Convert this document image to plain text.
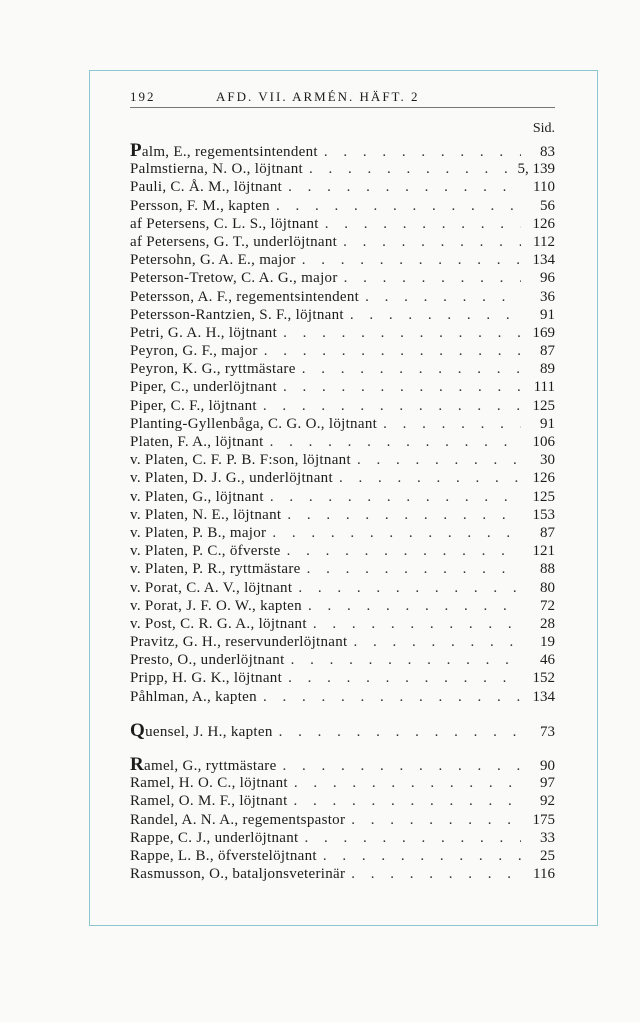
192	AFD. VII. ARMÉN. HÄFT. 2
Sid.
Palm, E., regementsintendent . . .	83
Palmstierna, N. O., löjtnant . . .	5, 139
Pauli, C. Å. M., löjtnant . . .	110
Persson, F. M., kapten . . .	56
af Petersens, C. L. S., löjtnant . . .	126
af Petersens, G. T., underlöjtnant . . .	112
Petersohn, G. A. E., major . . .	134
Peterson-Tretow, C. A. G., major . . .	96
Petersson, A. F., regementsintendent . . .	36
Petersson-Rantzien, S. F., löjtnant . . .	91
Petri, G. A. H., löjtnant . . .	169
Peyron, G. F., major . . .	87
Peyron, K. G., ryttmästare . . .	89
Piper, C., underlöjtnant . . .	111
Piper, C. F., löjtnant . . .	125
Planting-Gyllenbåga, C. G. O., löjtnant . . .	91
Platen, F. A., löjtnant . . .	106
v. Platen, C. F. P. B. F:son, löjtnant . . .	30
v. Platen, D. J. G., underlöjtnant . . .	126
v. Platen, G., löjtnant . . .	125
v. Platen, N. E., löjtnant . . .	153
v. Platen, P. B., major . . .	87
v. Platen, P. C., öfverste . . .	121
v. Platen, P. R., ryttmästare . . .	88
v. Porat, C. A. V., löjtnant . . .	80
v. Porat, J. F. O. W., kapten . . .	72
v. Post, C. R. G. A., löjtnant . . .	28
Pravitz, G. H., reservunderlöjtnant . . .	19
Presto, O., underlöjtnant . . .	46
Pripp, H. G. K., löjtnant . . .	152
Påhlman, A., kapten . . .	134
Quensel, J. H., kapten . . .	73
Ramel, G., ryttmästare . . .	90
Ramel, H. O. C., löjtnant . . .	97
Ramel, O. M. F., löjtnant . . .	92
Randel, A. N. A., regementspastor . . .	175
Rappe, C. J., underlöjtnant . . .	33
Rappe, L. B., öfverstelöjtnant . . .	25
Rasmusson, O., bataljonsveterinär . . .	116
